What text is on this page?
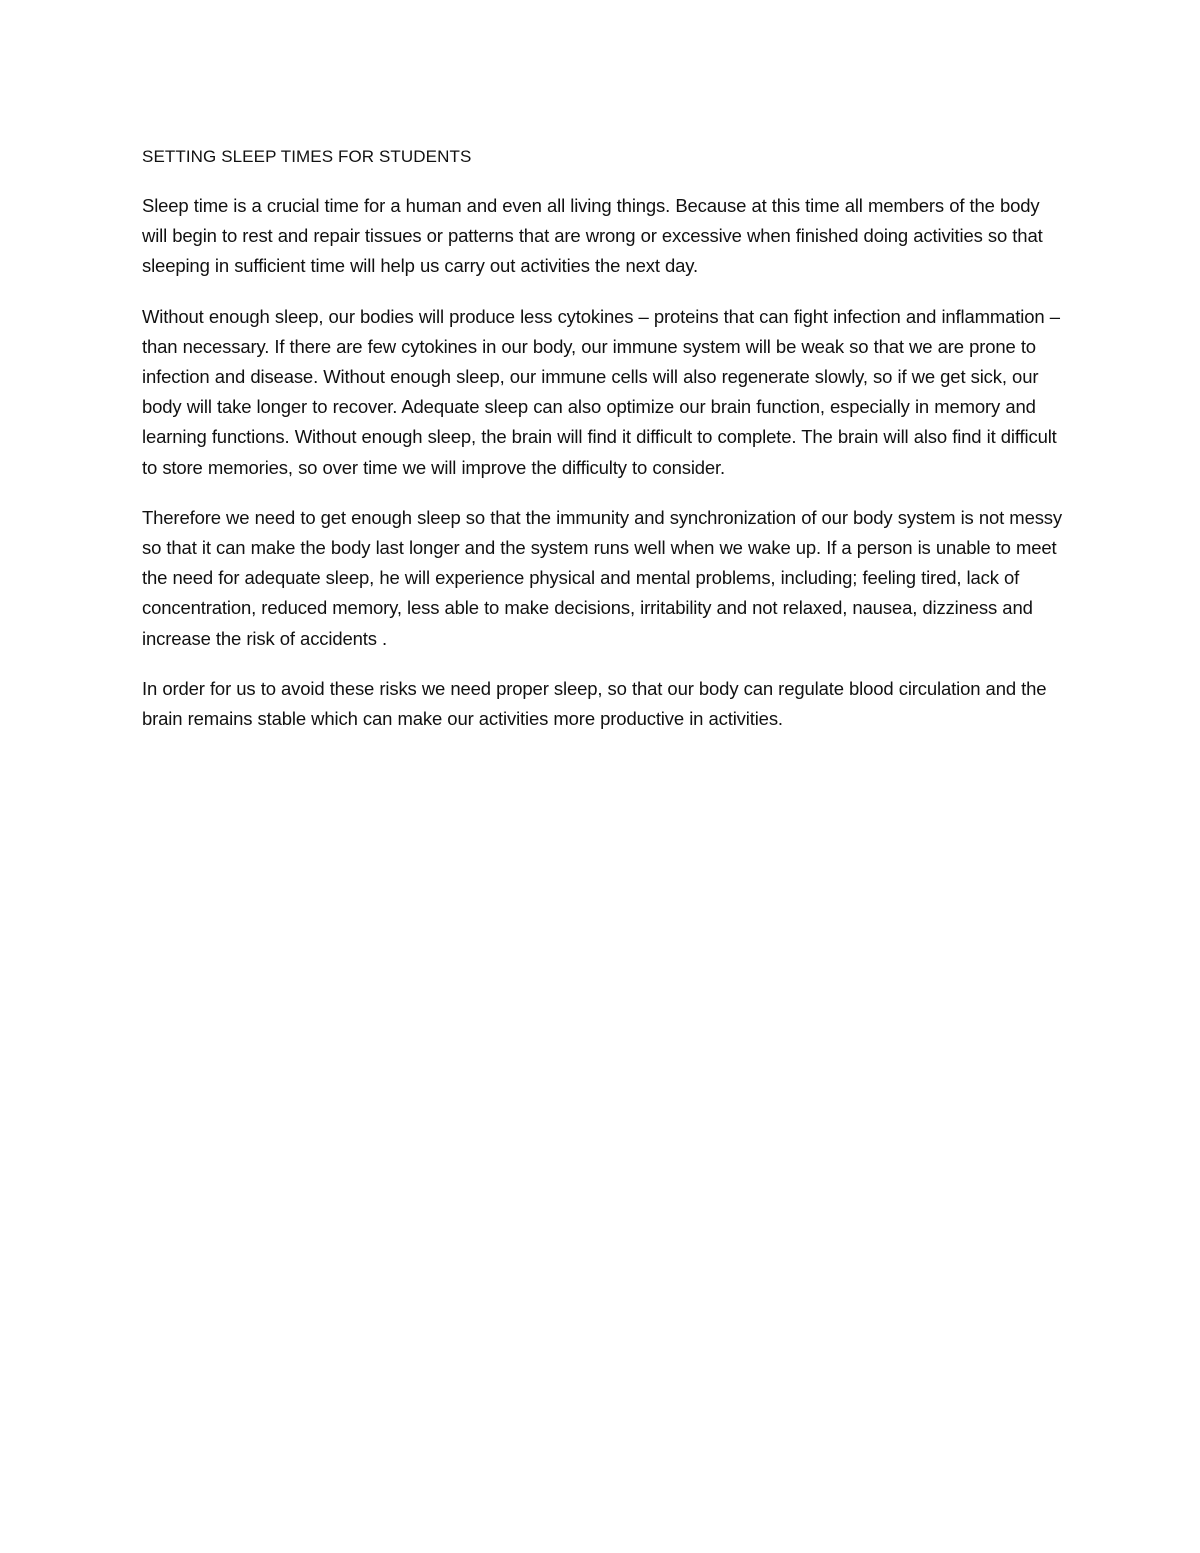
SETTING SLEEP TIMES FOR STUDENTS

Sleep time is a crucial time for a human and even all living things. Because at this time all members of the body will begin to rest and repair tissues or patterns that are wrong or excessive when finished doing activities so that sleeping in sufficient time will help us carry out activities the next day.

Without enough sleep, our bodies will produce less cytokines – proteins that can fight infection and inflammation – than necessary. If there are few cytokines in our body, our immune system will be weak so that we are prone to infection and disease. Without enough sleep, our immune cells will also regenerate slowly, so if we get sick, our body will take longer to recover. Adequate sleep can also optimize our brain function, especially in memory and learning functions. Without enough sleep, the brain will find it difficult to complete. The brain will also find it difficult to store memories, so over time we will improve the difficulty to consider.

Therefore we need to get enough sleep so that the immunity and synchronization of our body system is not messy so that it can make the body last longer and the system runs well when we wake up. If a person is unable to meet the need for adequate sleep, he will experience physical and mental problems, including; feeling tired, lack of concentration, reduced memory, less able to make decisions, irritability and not relaxed, nausea, dizziness and increase the risk of accidents .

In order for us to avoid these risks we need proper sleep, so that our body can regulate blood circulation and the brain remains stable which can make our activities more productive in activities.
